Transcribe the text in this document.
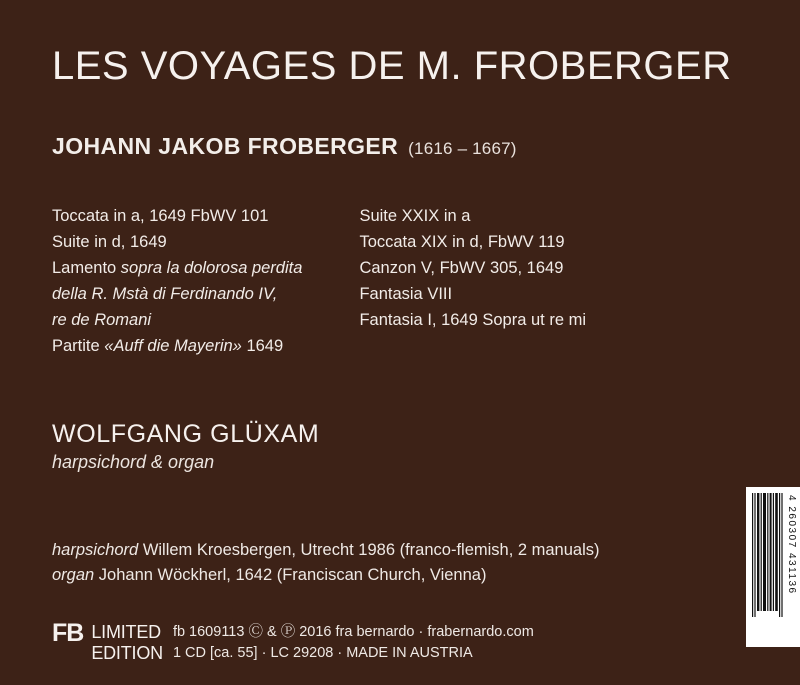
LES VOYAGES DE M. FROBERGER
JOHANN JAKOB FROBERGER (1616 – 1667)
Toccata in a, 1649 FbWV 101
Suite in d, 1649
Lamento sopra la dolorosa perdita
della R. Mstà di Ferdinando IV,
re de Romani
Partite «Auff die Mayerin» 1649

Suite XXIX in a
Toccata XIX in d, FbWV 119
Canzon V, FbWV 305, 1649
Fantasia VIII
Fantasia I, 1649 Sopra ut re mi
WOLFGANG GLÜXAM
harpsichord & organ
harpsichord Willem Kroesbergen, Utrecht 1986 (franco-flemish, 2 manuals)
organ Johann Wöckherl, 1642 (Franciscan Church, Vienna)
FB LIMITED
EDITIONfb 1609113 Ⓒ & Ⓟ 2016 fra bernardo · frabernardo.com
1 CD [ca. 55] · LC 29208 · MADE IN AUSTRIA
4 260307 431136
